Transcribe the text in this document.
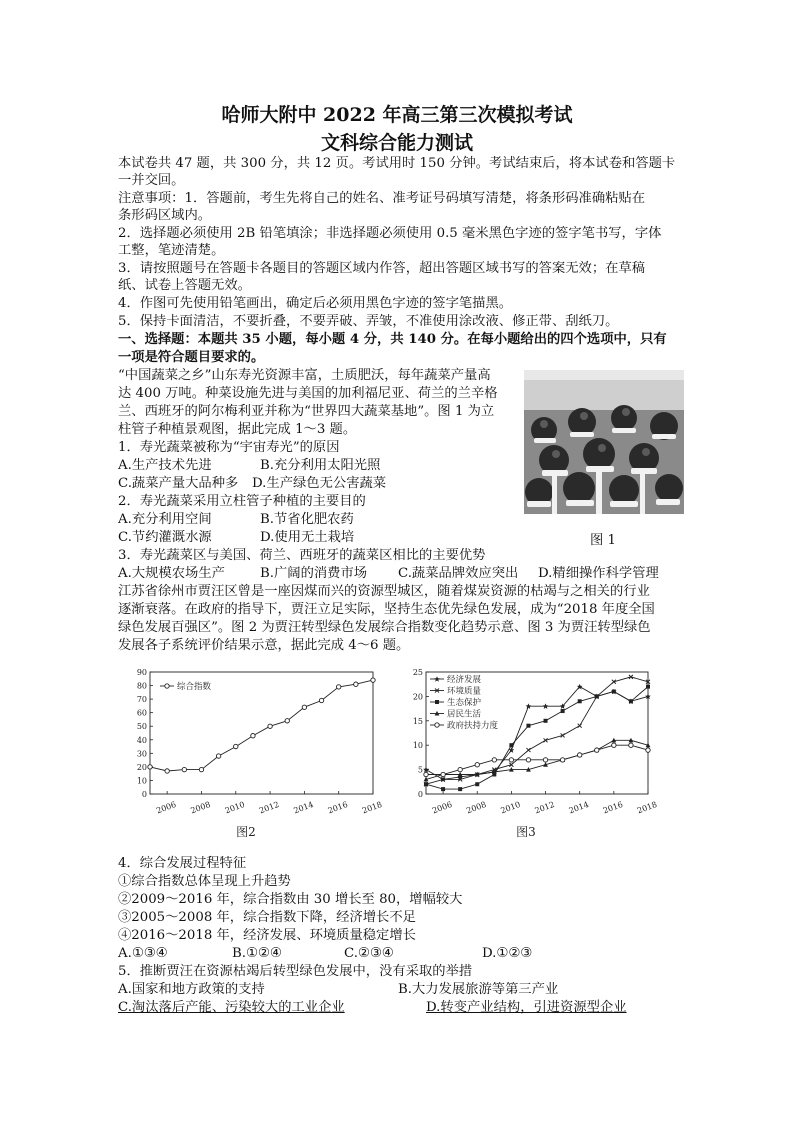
哈师大附中 2022 年高三第三次模拟考试
文科综合能力测试
本试卷共 47 题，共 300 分，共 12 页。考试用时 150 分钟。考试结束后，将本试卷和答题卡
一并交回。
注意事项：1．答题前，考生先将自己的姓名、准考证号码填写清楚，将条形码准确粘贴在
条形码区域内。
2．选择题必须使用 2B 铅笔填涂；非选择题必须使用 0.5 毫米黑色字迹的签字笔书写，字体
工整，笔迹清楚。
3．请按照题号在答题卡各题目的答题区域内作答，超出答题区域书写的答案无效；在草稿
纸、试卷上答题无效。
4．作图可先使用铅笔画出，确定后必须用黑色字迹的签字笔描黑。
5．保持卡面清洁，不要折叠，不要弄破、弄皱，不准使用涂改液、修正带、刮纸刀。
一、选择题：本题共 35 小题，每小题 4 分，共 140 分。在每小题给出的四个选项中，只有
一项是符合题目要求的。
“中国蔬菜之乡”山东寿光资源丰富，土质肥沃，每年蔬菜产量高
达 400 万吨。种菜设施先进与美国的加利福尼亚、荷兰的兰辛格
兰、西班牙的阿尔梅利亚并称为“世界四大蔬菜基地”。图 1 为立
柱管子种植景观图，据此完成 1～3 题。
图 1
1．寿光蔬菜被称为“宇宙寿光”的原因
A.生产技术先进	B.充分利用太阳光照
C.蔬菜产量大品种多 D.生产绿色无公害蔬菜
2．寿光蔬菜采用立柱管子种植的主要目的
A.充分利用空间	B.节省化肥农药
C.节约灌溉水源	D.使用无土栽培
3．寿光蔬菜区与美国、荷兰、西班牙的蔬菜区相比的主要优势
A.大规模农场生产	B.广阔的消费市场 C.蔬菜品牌效应突出 D.精细操作科学管理
江苏省徐州市贾汪区曾是一座因煤而兴的资源型城区，随着煤炭资源的枯竭与之相关的行业
逐渐衰落。在政府的指导下，贾汪立足实际，坚持生态优先绿色发展，成为“2018 年度全国
绿色发展百强区”。图 2 为贾汪转型绿色发展综合指数变化趋势示意、图 3 为贾汪转型绿色
发展各子系统评价结果示意，据此完成 4～6 题。
0
10
20
30
40
50
60
70
80
90
2006 2008 2010 2012 2014 2016 2018
综合指数
图2
0
5
10
15
20
25
2006 2008 2010 2012 2014 2016 2018
经济发展
环境质量
生态保护
居民生活
政府扶持力度
图3
4．综合发展过程特征
①综合指数总体呈现上升趋势
②2009～2016 年，综合指数由 30 增长至 80，增幅较大
③2005～2008 年，综合指数下降，经济增长不足
④2016～2018 年，经济发展、环境质量稳定增长
A.①③④	B.①②④	C.②③④	D.①②③
5．推断贾汪在资源枯竭后转型绿色发展中，没有采取的举措
A.国家和地方政策的支持	B.大力发展旅游等第三产业
C.淘汰落后产能、污染较大的工业企业	D.转变产业结构，引进资源型企业
